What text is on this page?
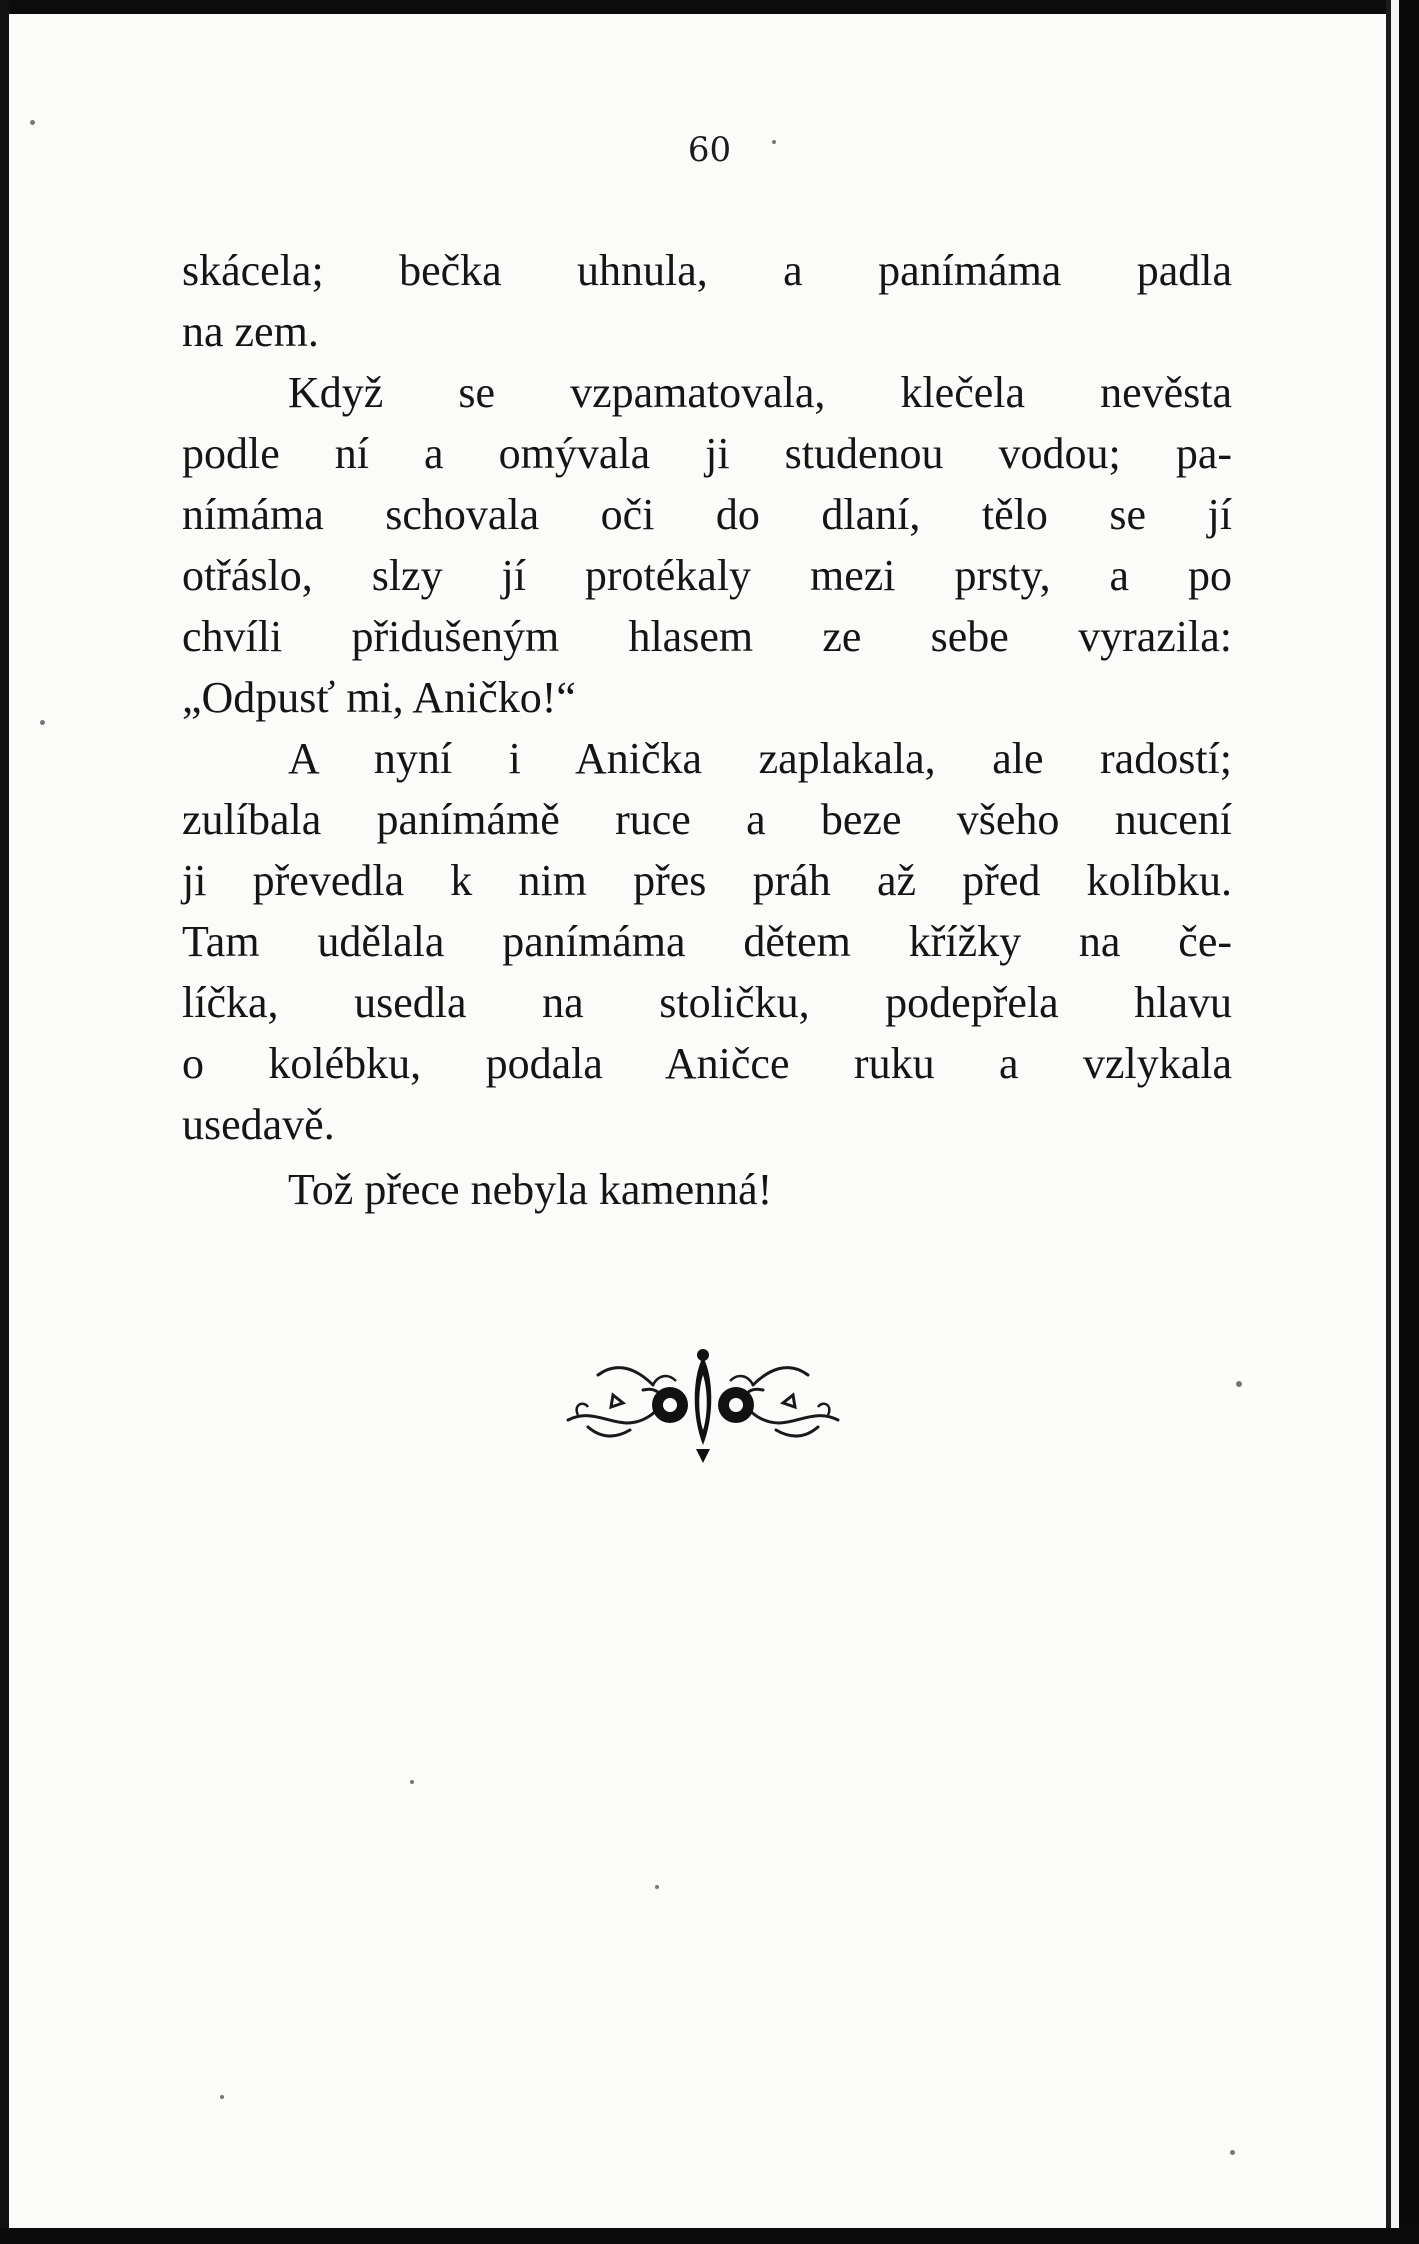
60
skácela; bečka uhnula, a panímáma padla
na zem.
Když se vzpamatovala, klečela nevěsta
podle ní a omývala ji studenou vodou; pa-
nímáma schovala oči do dlaní, tělo se jí
otřáslo, slzy jí protékaly mezi prsty, a po
chvíli přidušeným hlasem ze sebe vyrazila:
„Odpusť mi, Aničko!“
A nyní i Anička zaplakala, ale radostí;
zulíbala panímámě ruce a beze všeho nucení
ji převedla k nim přes práh až před kolíbku.
Tam udělala panímáma dětem křížky na če-
líčka, usedla na stoličku, podepřela hlavu
o kolébku, podala Aničce ruku a vzlykala
usedavě.
Tož přece nebyla kamenná!
